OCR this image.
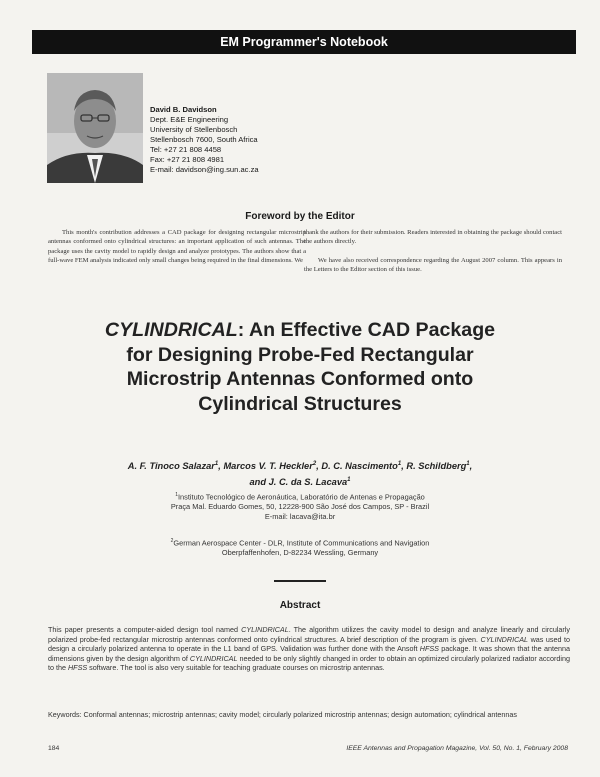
EM Programmer's Notebook
David B. Davidson
Dept. E&E Engineering
University of Stellenbosch
Stellenbosch 7600, South Africa
Tel: +27 21 808 4458
Fax: +27 21 808 4981
E-mail: davidson@ing.sun.ac.za
Foreword by the Editor

This month's contribution addresses a CAD package for designing rectangular microstrip antennas conformed onto cylindrical structures: an important application of such antennas. The package uses the cavity model to rapidly design and analyze prototypes. The authors show that a full-wave FEM analysis indicated only small changes being required in the final dimensions. We

thank the authors for their submission. Readers interested in obtaining the package should contact the authors directly.

We have also received correspondence regarding the August 2007 column. This appears in the Letters to the Editor section of this issue.

CYLINDRICAL: An Effective CAD Package
for Designing Probe-Fed Rectangular
Microstrip Antennas Conformed onto
Cylindrical Structures
A. F. Tinoco Salazar$^1$, Marcos V. T. Heckler$^2$, D. C. Nascimento$^1$, R. Schildberg$^1$,
and J. C. da S. Lacava$^1$
$^1$Instituto Tecnológico de Aeronáutica, Laboratório de Antenas e Propagação
Praça Mal. Eduardo Gomes, 50, 12228-900 São José dos Campos, SP - Brazil
E-mail: lacava@ita.br
$^2$German Aerospace Center - DLR, Institute of Communications and Navigation
Oberpfaffenhofen, D-82234 Wessling, Germany
Abstract
This paper presents a computer-aided design tool named CYLINDRICAL. The algorithm utilizes the cavity model to design and analyze linearly and circularly polarized probe-fed rectangular microstrip antennas conformed onto cylindrical structures. A brief description of the program is given. CYLINDRICAL was used to design a circularly polarized antenna to operate in the L1 band of GPS. Validation was further done with the Ansoft HFSS package. It was shown that the antenna dimensions given by the design algorithm of CYLINDRICAL needed to be only slightly changed in order to obtain an optimized circularly polarized radiator according to the HFSS software. The tool is also very suitable for teaching graduate courses on microstrip antennas.
Keywords: Conformal antennas; microstrip antennas; cavity model; circularly polarized microstrip antennas; design automation; cylindrical antennas
184	IEEE Antennas and Propagation Magazine, Vol. 50, No. 1, February 2008
